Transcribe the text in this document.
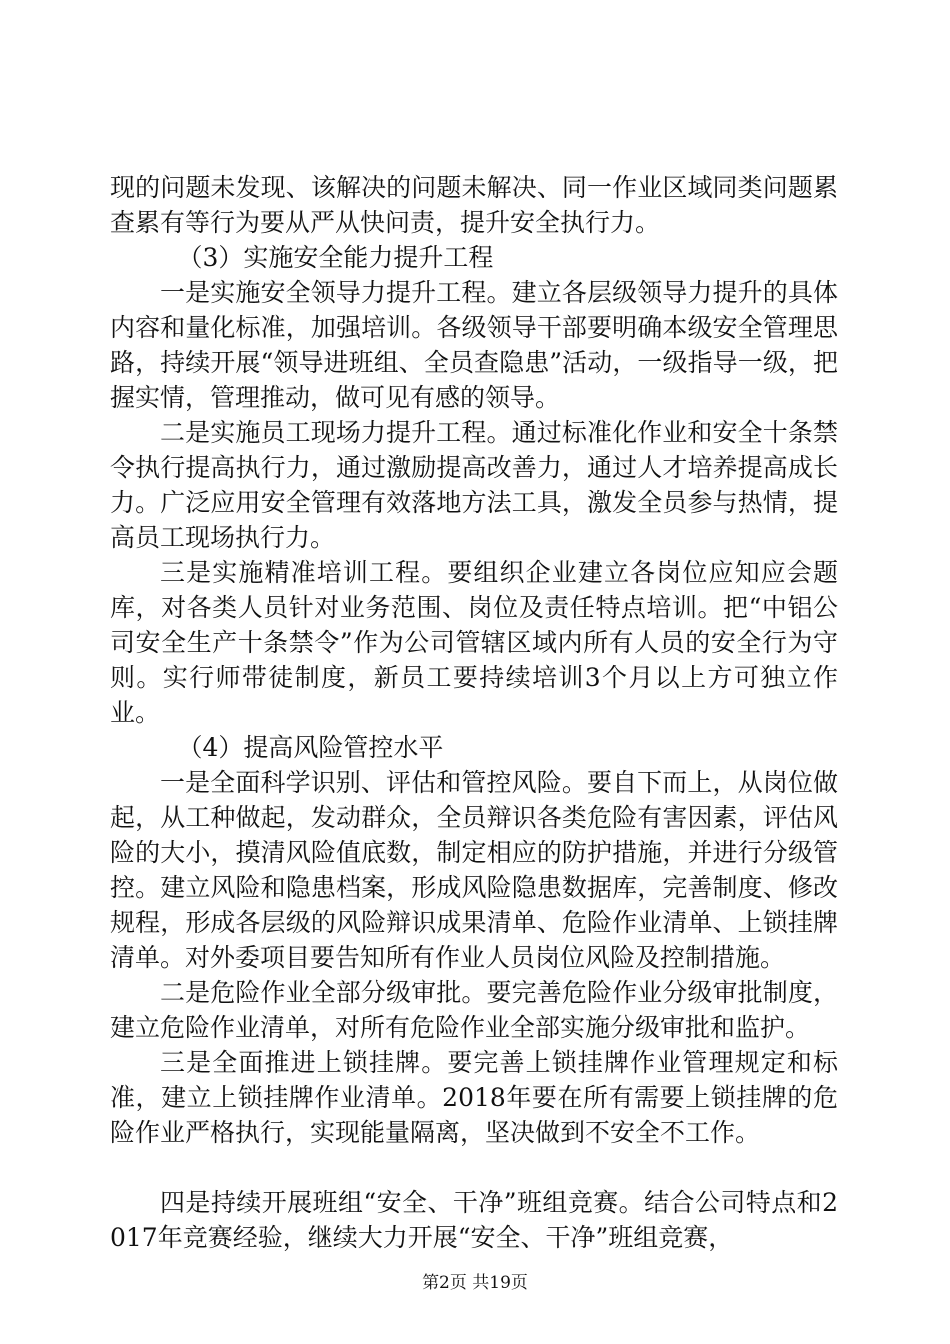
现的问题未发现、该解决的问题未解决、同一作业区域同类问题累查累有等行为要从严从快问责，提升安全执行力。

（3）实施安全能力提升工程

一是实施安全领导力提升工程。建立各层级领导力提升的具体内容和量化标准，加强培训。各级领导干部要明确本级安全管理思路，持续开展“领导进班组、全员查隐患”活动，一级指导一级，把握实情，管理推动，做可见有感的领导。

二是实施员工现场力提升工程。通过标准化作业和安全十条禁令执行提高执行力，通过激励提高改善力，通过人才培养提高成长力。广泛应用安全管理有效落地方法工具，激发全员参与热情，提高员工现场执行力。

三是实施精准培训工程。要组织企业建立各岗位应知应会题库，对各类人员针对业务范围、岗位及责任特点培训。把“中铝公司安全生产十条禁令”作为公司管辖区域内所有人员的安全行为守则。实行师带徒制度，新员工要持续培训3个月以上方可独立作业。

（4）提高风险管控水平

一是全面科学识别、评估和管控风险。要自下而上，从岗位做起，从工种做起，发动群众，全员辩识各类危险有害因素，评估风险的大小，摸清风险值底数，制定相应的防护措施，并进行分级管控。建立风险和隐患档案，形成风险隐患数据库，完善制度、修改规程，形成各层级的风险辩识成果清单、危险作业清单、上锁挂牌清单。对外委项目要告知所有作业人员岗位风险及控制措施。

二是危险作业全部分级审批。要完善危险作业分级审批制度，建立危险作业清单，对所有危险作业全部实施分级审批和监护。

三是全面推进上锁挂牌。要完善上锁挂牌作业管理规定和标准，建立上锁挂牌作业清单。2018年要在所有需要上锁挂牌的危险作业严格执行，实现能量隔离，坚决做到不安全不工作。

四是持续开展班组“安全、干净”班组竞赛。结合公司特点和2017年竞赛经验，继续大力开展“安全、干净”班组竞赛，

第2页 共19页
